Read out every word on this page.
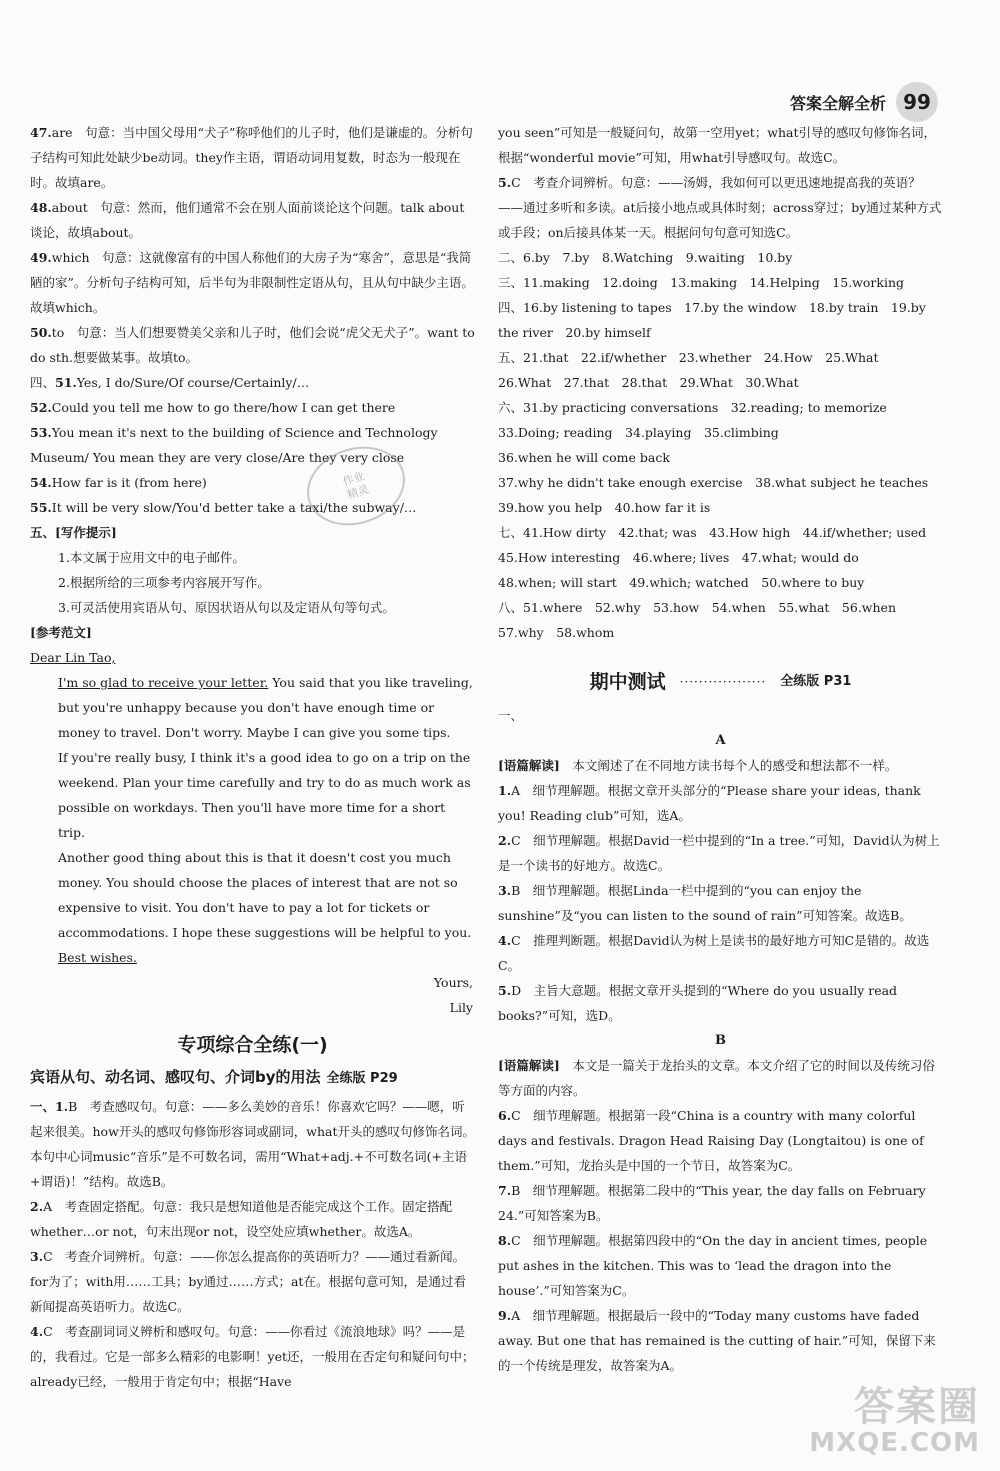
答案全解全析 99

47.are　句意：当中国父母用“犬子”称呼他们的儿子时，他们是谦虚的。分析句子结构可知此处缺少be动词。they作主语，谓语动词用复数，时态为一般现在时。故填are。

48.about　句意：然而，他们通常不会在别人面前谈论这个问题。talk about谈论，故填about。

49.which　句意：这就像富有的中国人称他们的大房子为“寒舍”，意思是“我简陋的家”。分析句子结构可知，后半句为非限制性定语从句，且从句中缺少主语。故填which。

50.to　句意：当人们想要赞美父亲和儿子时，他们会说“虎父无犬子”。want to do sth.想要做某事。故填to。

四、51.Yes, I do/Sure/Of course/Certainly/…

52.Could you tell me how to go there/how I can get there

53.You mean it's next to the building of Science and Technology Museum/ You mean they are very close/Are they very close

54.How far is it (from here)

55.It will be very slow/You'd better take a taxi/the subway/…

五、[写作提示]

1.本文属于应用文中的电子邮件。

2.根据所给的三项参考内容展开写作。

3.可灵活使用宾语从句、原因状语从句以及定语从句等句式。

[参考范文]

Dear Lin Tao,

I'm so glad to receive your letter. You said that you like traveling, but you're unhappy because you don't have enough time or money to travel. Don't worry. Maybe I can give you some tips.

If you're really busy, I think it's a good idea to go on a trip on the weekend. Plan your time carefully and try to do as much work as possible on workdays. Then you'll have more time for a short trip.

Another good thing about this is that it doesn't cost you much money. You should choose the places of interest that are not so expensive to visit. You don't have to pay a lot for tickets or accommodations. I hope these suggestions will be helpful to you.

Best wishes.

Yours,

Lily

专项综合全练(一)
宾语从句、动名词、感叹句、介词by的用法 全练版 P29

一、1.B　考查感叹句。句意：——多么美妙的音乐！你喜欢它吗？——嗯，听起来很美。how开头的感叹句修饰形容词或副词，what开头的感叹句修饰名词。本句中心词music“音乐”是不可数名词，需用“What+adj.+不可数名词(+主语+谓语)！”结构。故选B。

2.A　考查固定搭配。句意：我只是想知道他是否能完成这个工作。固定搭配whether…or not，句末出现or not，设空处应填whether。故选A。

3.C　考查介词辨析。句意：——你怎么提高你的英语听力？——通过看新闻。for为了；with用……工具；by通过……方式；at在。根据句意可知，是通过看新闻提高英语听力。故选C。

4.C　考查副词词义辨析和感叹句。句意：——你看过《流浪地球》吗？——是的，我看过。它是一部多么精彩的电影啊！yet还，一般用在否定句和疑问句中；already已经，一般用于肯定句中；根据“Have

作业
精灵

you seen”可知是一般疑问句，故第一空用yet；what引导的感叹句修饰名词，根据“wonderful movie”可知，用what引导感叹句。故选C。

5.C　考查介词辨析。句意：——汤姆，我如何可以更迅速地提高我的英语？——通过多听和多读。at后接小地点或具体时刻；across穿过；by通过某种方式或手段；on后接具体某一天。根据问句句意可知选C。

二、6.by　7.by　8.Watching　9.waiting　10.by

三、11.making　12.doing　13.making　14.Helping　15.working

四、16.by listening to tapes　17.by the window　18.by train　19.by the river　20.by himself

五、21.that　22.if/whether　23.whether　24.How　25.What　26.What　27.that　28.that　29.What　30.What

六、31.by practicing conversations　32.reading; to memorize

33.Doing; reading　34.playing　35.climbing

36.when he will come back

37.why he didn't take enough exercise　38.what subject he teaches

39.how you help　40.how far it is

七、41.How dirty　42.that; was　43.How high　44.if/whether; used

45.How interesting　46.where; lives　47.what; would do

48.when; will start　49.which; watched　50.where to buy

八、51.where　52.why　53.how　54.when　55.what　56.when　57.why　58.whom

期中测试 ·················· 全练版 P31

一、

A

[语篇解读]　 本文阐述了在不同地方读书每个人的感受和想法都不一样。

1.A　细节理解题。根据文章开头部分的“Please share your ideas, thank you! Reading club”可知，选A。

2.C　细节理解题。根据David一栏中提到的“In a tree.”可知，David认为树上是一个读书的好地方。故选C。

3.B　细节理解题。根据Linda一栏中提到的“you can enjoy the sunshine”及“you can listen to the sound of rain”可知答案。故选B。

4.C　推理判断题。根据David认为树上是读书的最好地方可知C是错的。故选C。

5.D　主旨大意题。根据文章开头提到的“Where do you usually read books?”可知，选D。

B

[语篇解读]　 本文是一篇关于龙抬头的文章。本文介绍了它的时间以及传统习俗等方面的内容。

6.C　细节理解题。根据第一段“China is a country with many colorful days and festivals. Dragon Head Raising Day (Longtaitou) is one of them.”可知，龙抬头是中国的一个节日，故答案为C。

7.B　细节理解题。根据第二段中的“This year, the day falls on February 24.”可知答案为B。

8.C　细节理解题。根据第四段中的“On the day in ancient times, people put ashes in the kitchen. This was to ‘lead the dragon into the house’.”可知答案为C。

9.A　细节理解题。根据最后一段中的“Today many customs have faded away. But one that has remained is the cutting of hair.”可知，保留下来的一个传统是理发，故答案为A。

答案圈
MXQE.COM
